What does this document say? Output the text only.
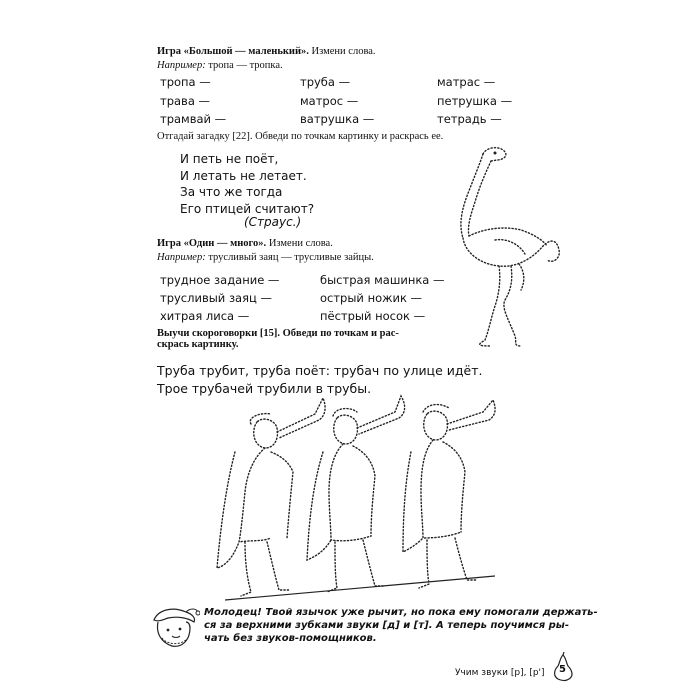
Игра «Большой — маленький». Измени слова.
Например: тропа — тропка.
тропа —	труба —	матрас —
трава —	матрос —	петрушка —
трамвай —	ватрушка —	тетрадь —
Отгадай загадку [22]. Обведи по точкам картинку и раскрась ее.
И петь не поёт,
И летать не летает.
За что же тогда
Его птицей считают?
(Страус.)
Игра «Один — много». Измени слова.
Например: трусливый заяц — трусливые зайцы.
трудное задание —	быстрая машинка —
трусливый заяц —	острый ножик —
хитрая лиса —	пёстрый носок —
Выучи скороговорки [15]. Обведи по точкам и рас-
скрась картинку.
Труба трубит, труба поёт: трубач по улице идёт.
Трое трубачей трубили в трубы.
Молодец! Твой язычок уже рычит, но пока ему помогали держать-
ся за верхними зубками звуки [д] и [т]. А теперь поучимся ры-
чать без звуков-помощников.
Учим звуки [р], [р'] 5
